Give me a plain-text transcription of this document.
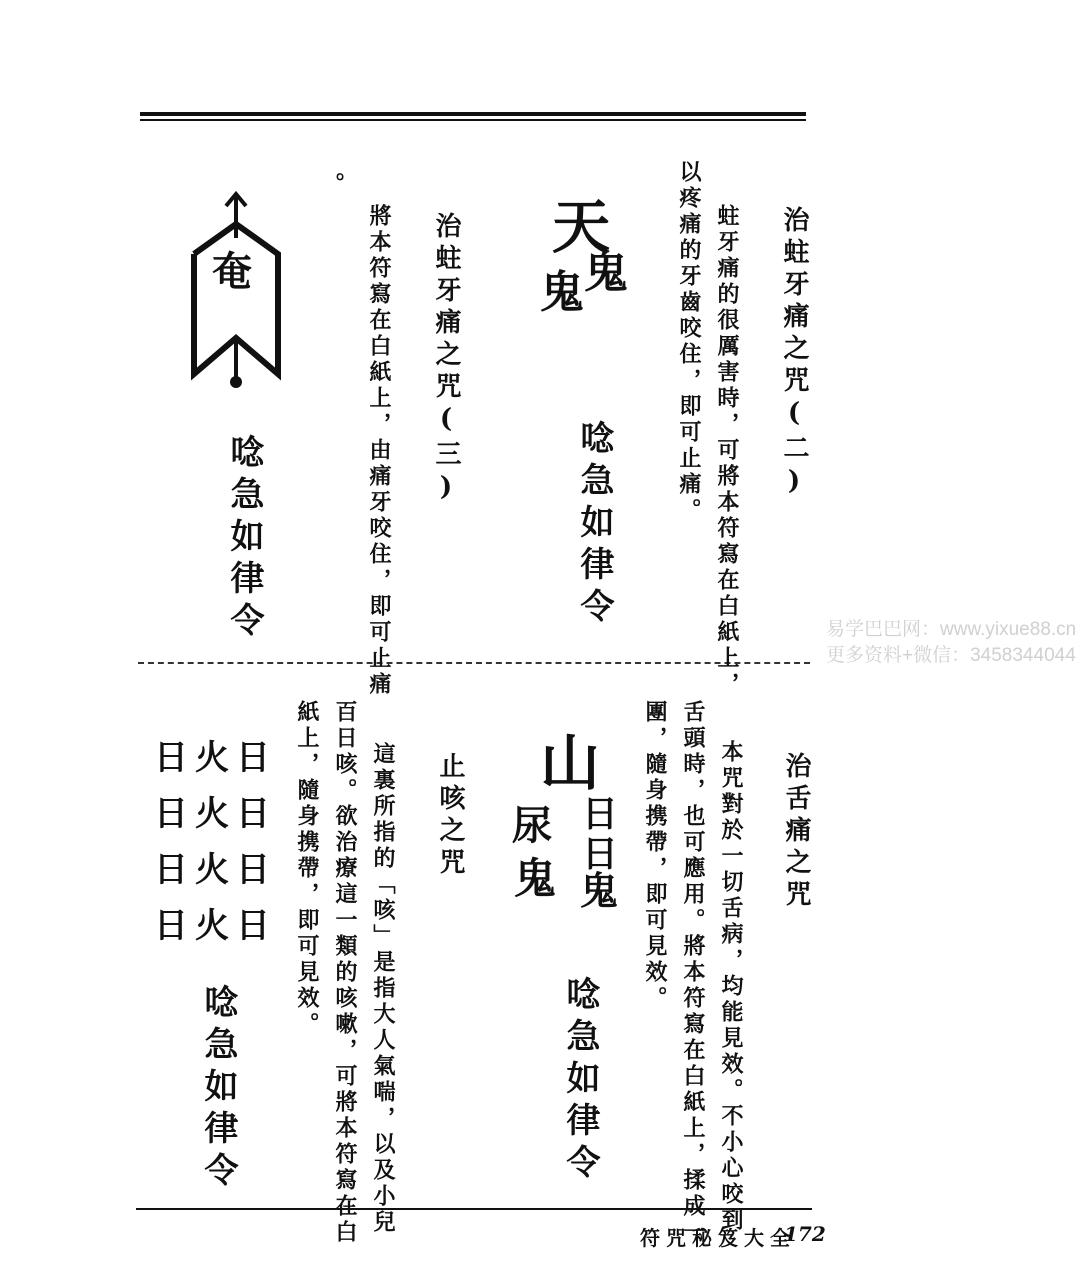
治蛀牙痛之咒(二)
蛀牙痛的很厲害時，可將本符寫在白紙上，
以疼痛的牙齒咬住，即可止痛。
天
鬼
鬼
唸急如律令
治蛀牙痛之咒(三)
將本符寫在白紙上，由痛牙咬住，即可止痛
。
奄
唸急如律令
治舌痛之咒
本咒對於一切舌病，均能見效。不小心咬到
舌頭時，也可應用。將本符寫在白紙上，揉成一
團，隨身携帶，即可見效。
山
日
日
鬼
尿
鬼
唸急如律令
止咳之咒
這裏所指的「咳」是指大人氣喘，以及小兒
百日咳。欲治療這一類的咳嗽，可將本符寫在白
紙上，隨身携帶，即可見效。
日 火 日
日 火 日
日 火 日
日 火 日
唸急如律令
符咒秘笈大全
172
易学巴巴网：www.yixue88.cn
更多资料+微信：3458344044
